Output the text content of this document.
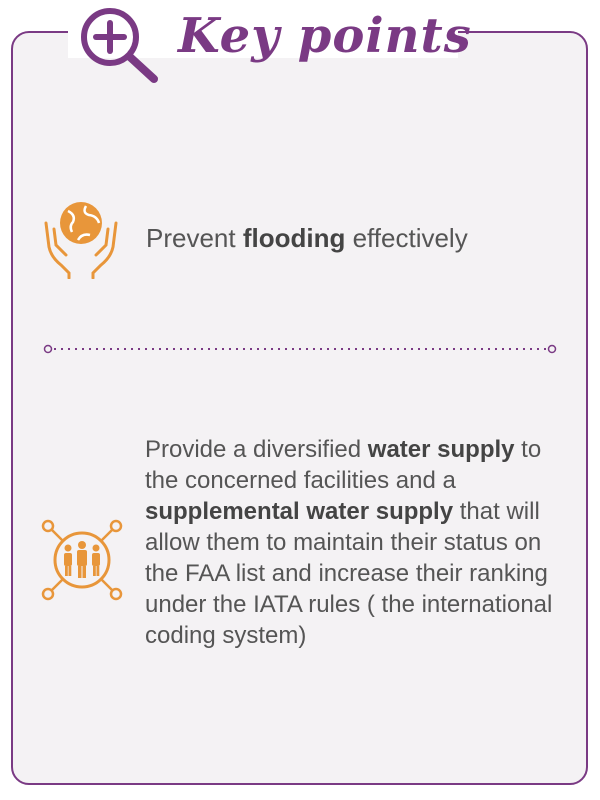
Key points
Prevent flooding effectively
Provide a diversified water supply to the concerned facilities and a supplemental water supply that will allow them to maintain their status on the FAA list and increase their ranking under the IATA rules ( the international coding system)
